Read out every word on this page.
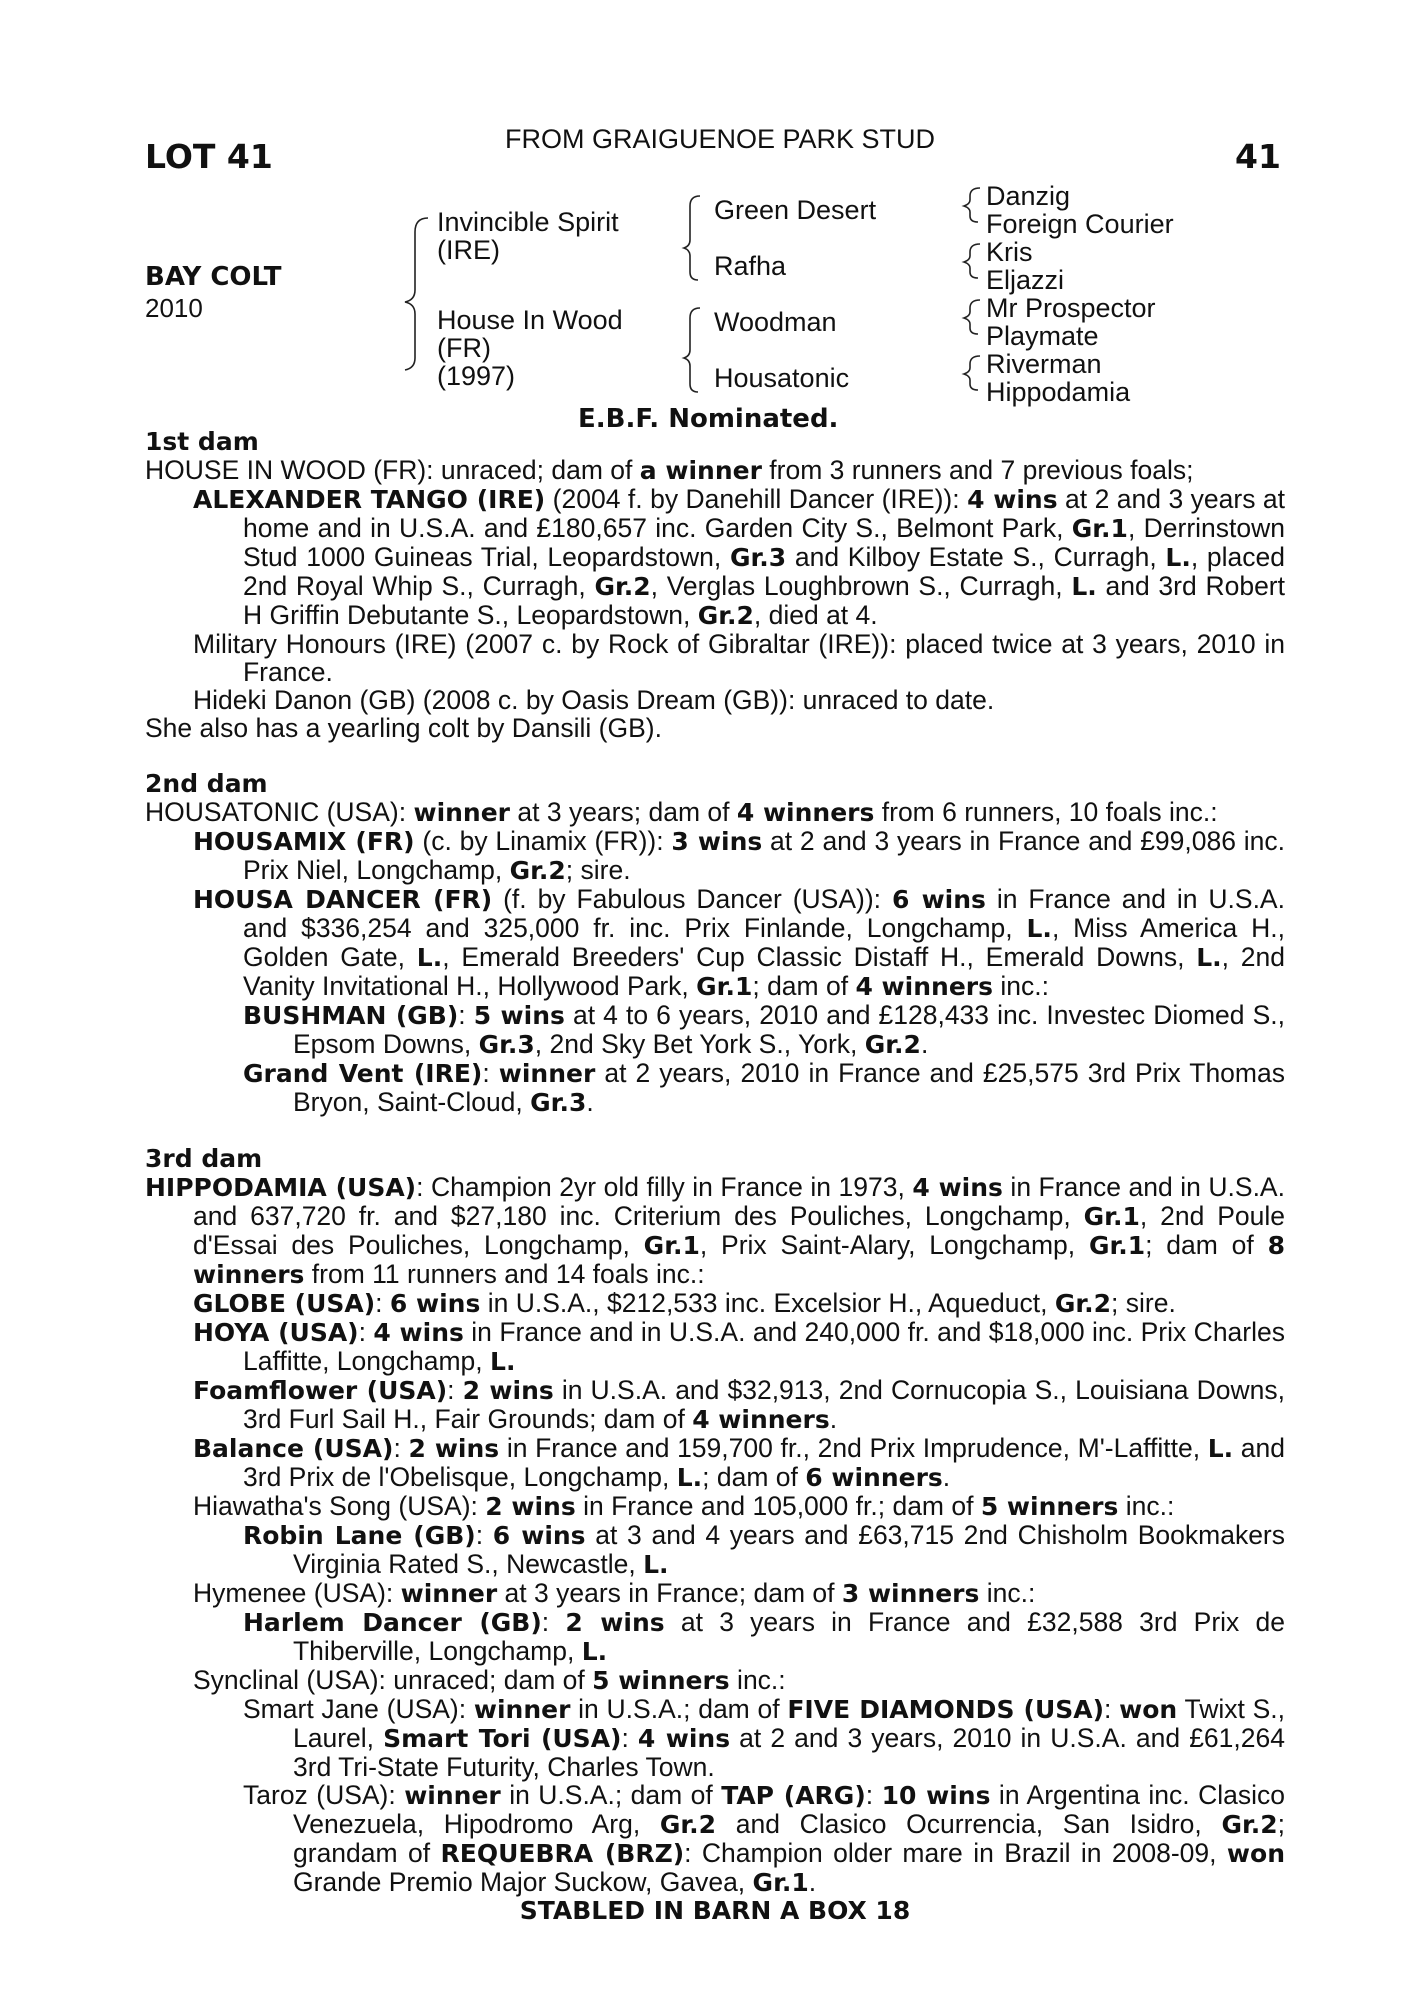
LOT 41	FROM GRAIGUENOE PARK STUD	41
BAY COLT
2010
Invincible Spirit
(IRE)
House In Wood
(FR)
(1997)
Green Desert
Rafha
Woodman
Housatonic
Danzig
Foreign Courier
Kris
Eljazzi
Mr Prospector
Playmate
Riverman
Hippodamia
E.B.F. Nominated.

1st dam

HOUSE IN WOOD (FR): unraced; dam of a winner from 3 runners and 7 previous foals;

ALEXANDER TANGO (IRE) (2004 f. by Danehill Dancer (IRE)): 4 wins at 2 and 3 years at home and in U.S.A. and £180,657 inc. Garden City S., Belmont Park, Gr.1, Derrinstown Stud 1000 Guineas Trial, Leopardstown, Gr.3 and Kilboy Estate S., Curragh, L., placed 2nd Royal Whip S., Curragh, Gr.2, Verglas Loughbrown S., Curragh, L. and 3rd Robert H Griffin Debutante S., Leopardstown, Gr.2, died at 4.

Military Honours (IRE) (2007 c. by Rock of Gibraltar (IRE)): placed twice at 3 years, 2010 in France.

Hideki Danon (GB) (2008 c. by Oasis Dream (GB)): unraced to date.

She also has a yearling colt by Dansili (GB).

2nd dam

HOUSATONIC (USA): winner at 3 years; dam of 4 winners from 6 runners, 10 foals inc.:

HOUSAMIX (FR) (c. by Linamix (FR)): 3 wins at 2 and 3 years in France and £99,086 inc. Prix Niel, Longchamp, Gr.2; sire.

HOUSA DANCER (FR) (f. by Fabulous Dancer (USA)): 6 wins in France and in U.S.A. and $336,254 and 325,000 fr. inc. Prix Finlande, Longchamp, L., Miss America H., Golden Gate, L., Emerald Breeders' Cup Classic Distaff H., Emerald Downs, L., 2nd Vanity Invitational H., Hollywood Park, Gr.1; dam of 4 winners inc.:

BUSHMAN (GB): 5 wins at 4 to 6 years, 2010 and £128,433 inc. Investec Diomed S., Epsom Downs, Gr.3, 2nd Sky Bet York S., York, Gr.2.

Grand Vent (IRE): winner at 2 years, 2010 in France and £25,575 3rd Prix Thomas Bryon, Saint-Cloud, Gr.3.

3rd dam

HIPPODAMIA (USA): Champion 2yr old filly in France in 1973, 4 wins in France and in U.S.A. and 637,720 fr. and $27,180 inc. Criterium des Pouliches, Longchamp, Gr.1, 2nd Poule d'Essai des Pouliches, Longchamp, Gr.1, Prix Saint-Alary, Longchamp, Gr.1; dam of 8 winners from 11 runners and 14 foals inc.:

GLOBE (USA): 6 wins in U.S.A., $212,533 inc. Excelsior H., Aqueduct, Gr.2; sire.

HOYA (USA): 4 wins in France and in U.S.A. and 240,000 fr. and $18,000 inc. Prix Charles Laffitte, Longchamp, L.

Foamflower (USA): 2 wins in U.S.A. and $32,913, 2nd Cornucopia S., Louisiana Downs, 3rd Furl Sail H., Fair Grounds; dam of 4 winners.

Balance (USA): 2 wins in France and 159,700 fr., 2nd Prix Imprudence, M'-Laffitte, L. and 3rd Prix de l'Obelisque, Longchamp, L.; dam of 6 winners.

Hiawatha's Song (USA): 2 wins in France and 105,000 fr.; dam of 5 winners inc.:

Robin Lane (GB): 6 wins at 3 and 4 years and £63,715 2nd Chisholm Bookmakers Virginia Rated S., Newcastle, L.

Hymenee (USA): winner at 3 years in France; dam of 3 winners inc.:

Harlem Dancer (GB): 2 wins at 3 years in France and £32,588 3rd Prix de Thiberville, Longchamp, L.

Synclinal (USA): unraced; dam of 5 winners inc.:

Smart Jane (USA): winner in U.S.A.; dam of FIVE DIAMONDS (USA): won Twixt S., Laurel, Smart Tori (USA): 4 wins at 2 and 3 years, 2010 in U.S.A. and £61,264 3rd Tri-State Futurity, Charles Town.

Taroz (USA): winner in U.S.A.; dam of TAP (ARG): 10 wins in Argentina inc. Clasico Venezuela, Hipodromo Arg, Gr.2 and Clasico Ocurrencia, San Isidro, Gr.2; grandam of REQUEBRA (BRZ): Champion older mare in Brazil in 2008-09, won Grande Premio Major Suckow, Gavea, Gr.1.

STABLED IN BARN A BOX 18
